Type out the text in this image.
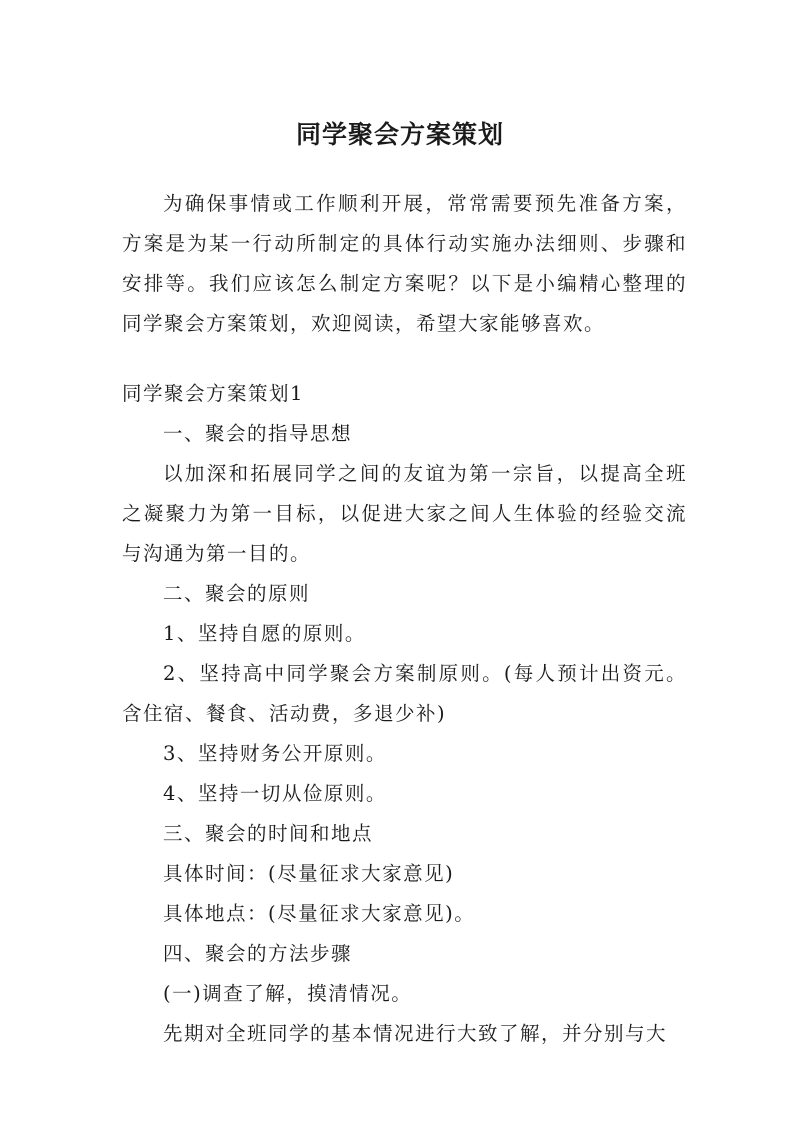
同学聚会方案策划

为确保事情或工作顺利开展，常常需要预先准备方案，方案是为某一行动所制定的具体行动实施办法细则、步骤和安排等。我们应该怎么制定方案呢？以下是小编精心整理的同学聚会方案策划，欢迎阅读，希望大家能够喜欢。

同学聚会方案策划1

一、聚会的指导思想

以加深和拓展同学之间的友谊为第一宗旨，以提高全班之凝聚力为第一目标，以促进大家之间人生体验的经验交流与沟通为第一目的。

二、聚会的原则

1、坚持自愿的原则。

2、坚持高中同学聚会方案制原则。(每人预计出资元。含住宿、餐食、活动费，多退少补)

3、坚持财务公开原则。

4、坚持一切从俭原则。

三、聚会的时间和地点

具体时间：(尽量征求大家意见)

具体地点：(尽量征求大家意见)。

四、聚会的方法步骤

(一)调查了解，摸清情况。

先期对全班同学的基本情况进行大致了解，并分别与大
